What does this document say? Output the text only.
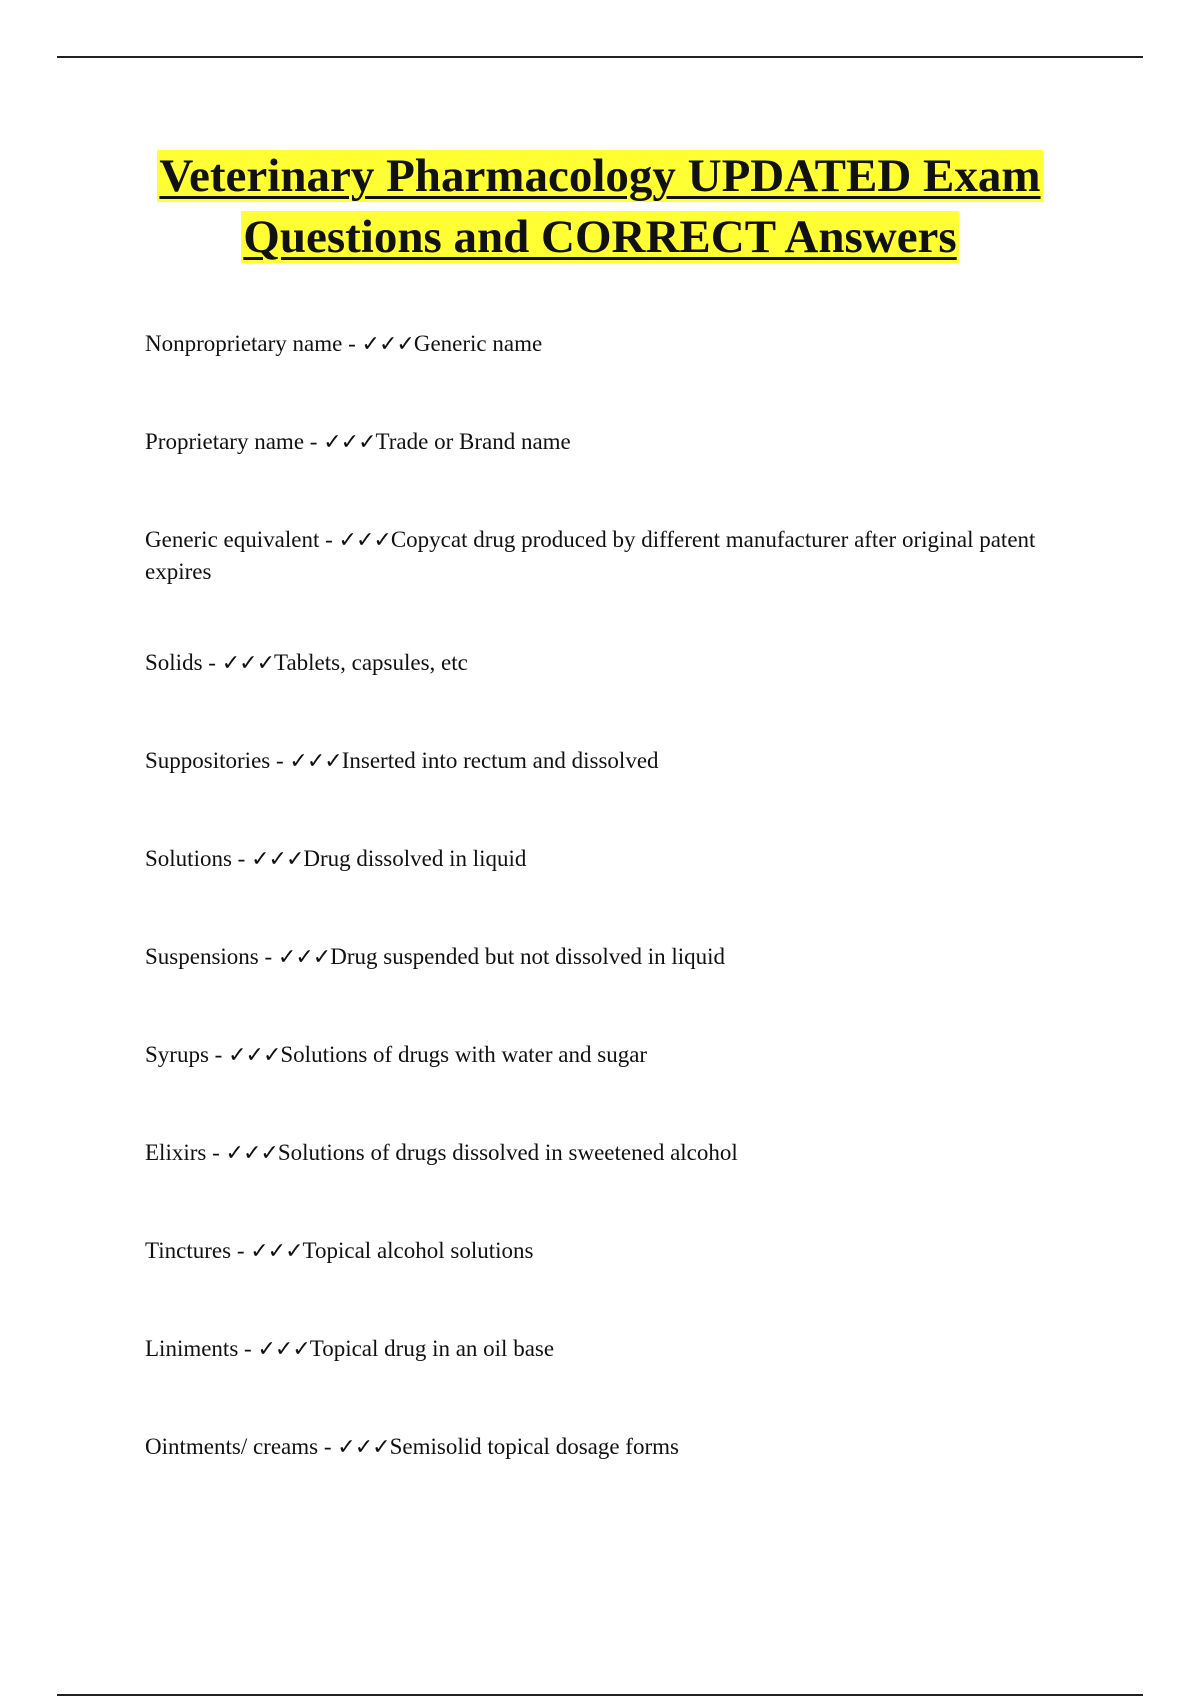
Veterinary Pharmacology UPDATED Exam
Questions and CORRECT Answers
Nonproprietary name - ✓✓✓Generic name
Proprietary name - ✓✓✓Trade or Brand name
Generic equivalent - ✓✓✓Copycat drug produced by different manufacturer after original patent expires
Solids - ✓✓✓Tablets, capsules, etc
Suppositories - ✓✓✓Inserted into rectum and dissolved
Solutions - ✓✓✓Drug dissolved in liquid
Suspensions - ✓✓✓Drug suspended but not dissolved in liquid
Syrups - ✓✓✓Solutions of drugs with water and sugar
Elixirs - ✓✓✓Solutions of drugs dissolved in sweetened alcohol
Tinctures - ✓✓✓Topical alcohol solutions
Liniments - ✓✓✓Topical drug in an oil base
Ointments/ creams - ✓✓✓Semisolid topical dosage forms
